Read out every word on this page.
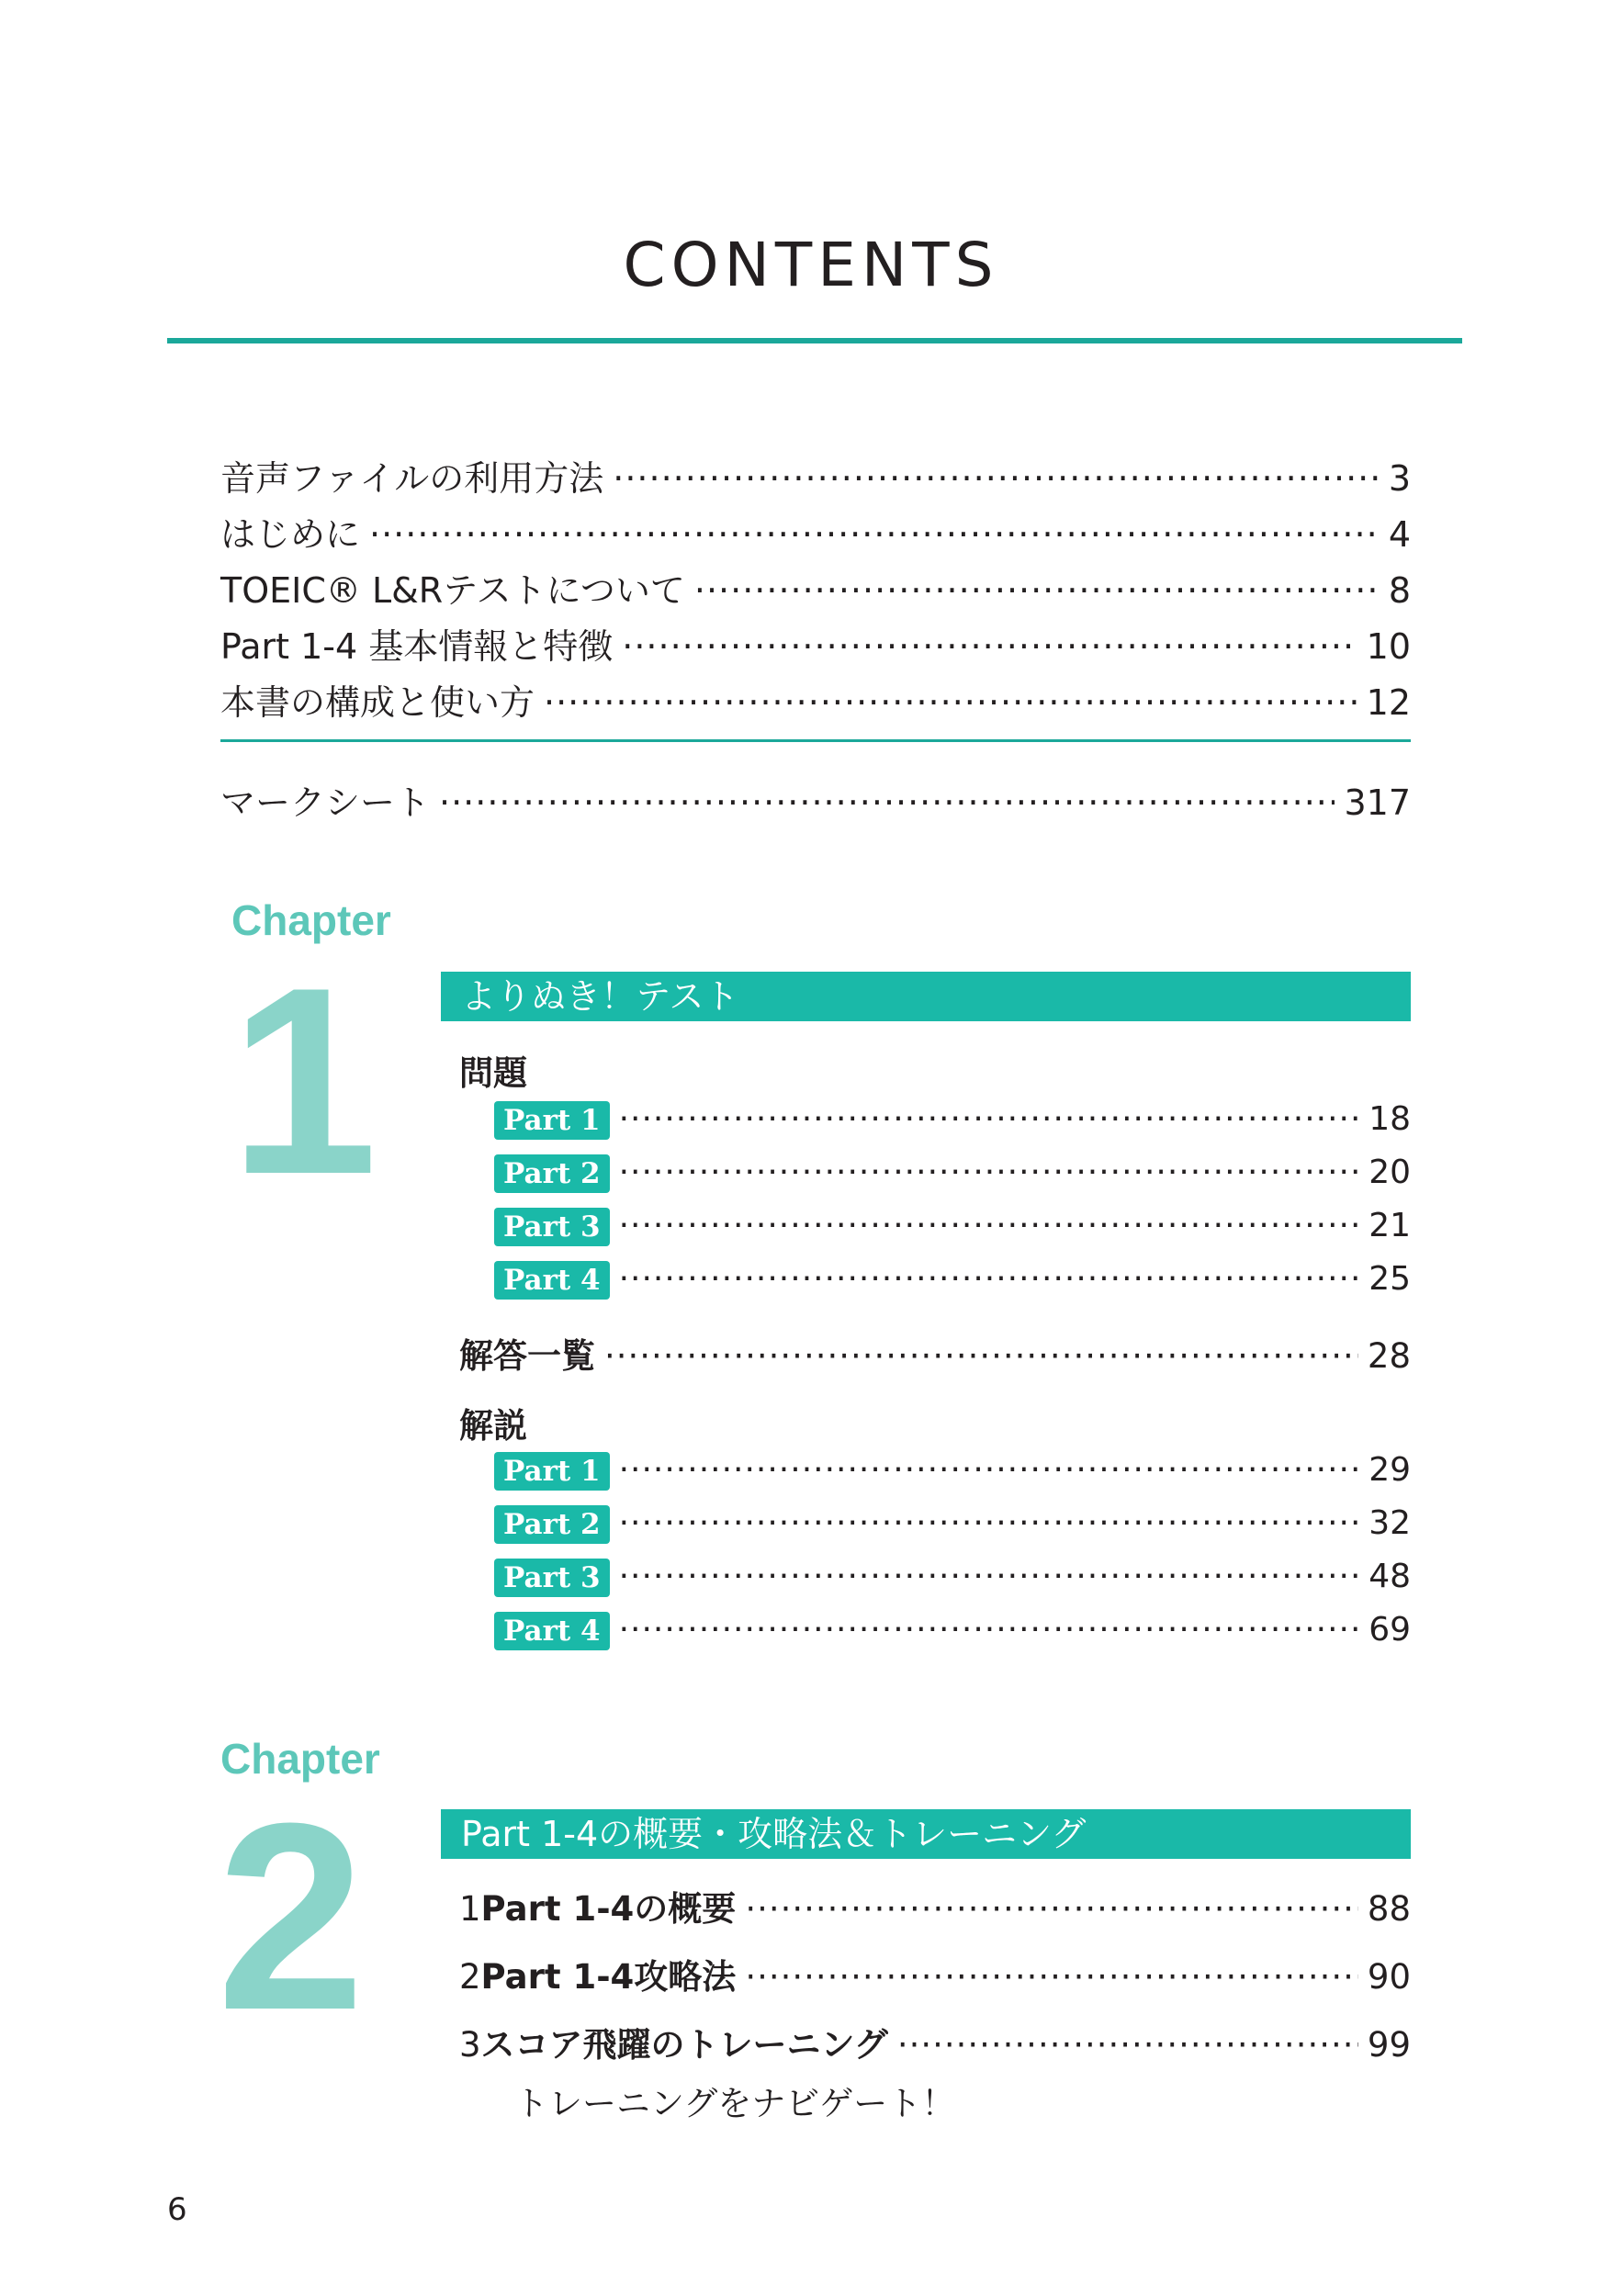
CONTENTS
音声ファイルの利用方法 ·····	3
はじめに ·····	4
TOEIC® L&Rテストについて ·····	8
Part 1-4 基本情報と特徴 ·····	10
本書の構成と使い方 ·····	12
マークシート ·····	317
Chapter
1	よりぬき！テスト
問題
Part 1 ·····	18
Part 2 ·····	20
Part 3 ·····	21
Part 4 ·····	25
解答一覧 ·····	28
解説
Part 1 ·····	29
Part 2 ·····	32
Part 3 ·····	48
Part 4 ·····	69
Chapter
2	Part 1-4の概要・攻略法＆トレーニング
1 Part 1-4の概要 ·····	88
2 Part 1-4攻略法 ·····	90
3 スコア飛躍のトレーニング ·····	99
トレーニングをナビゲート！
6
